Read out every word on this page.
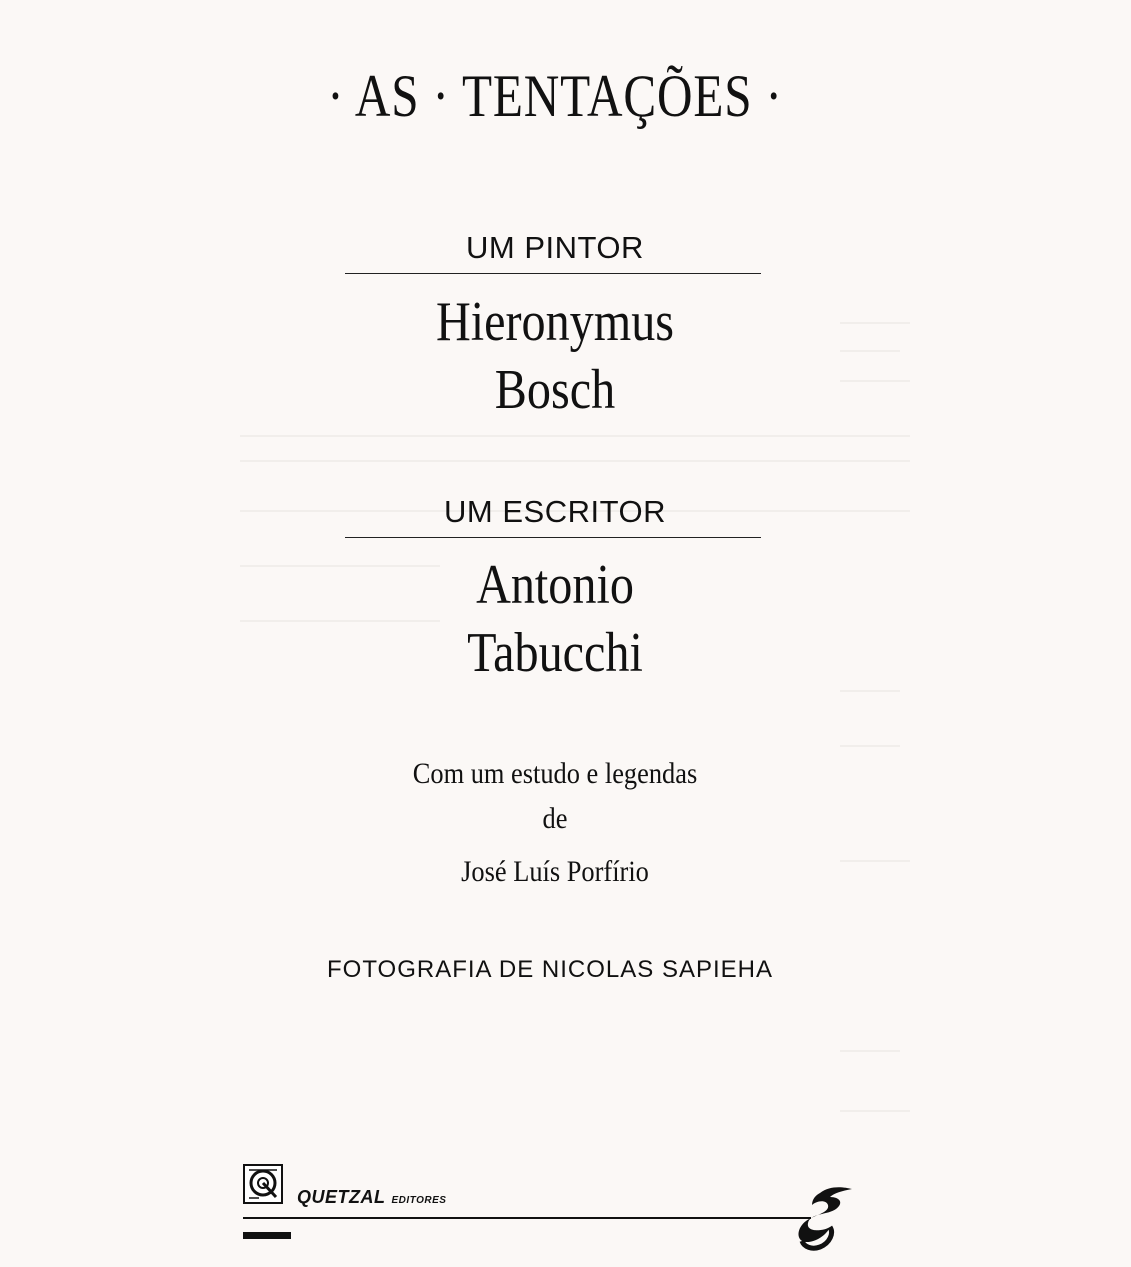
· AS · TENTAÇÕES ·
UM PINTOR
Hieronymus
Bosch
UM ESCRITOR
Antonio
Tabucchi
Com um estudo e legendas
de
José Luís Porfírio
FOTOGRAFIA DE NICOLAS SAPIEHA
QUETZAL EDITORES
